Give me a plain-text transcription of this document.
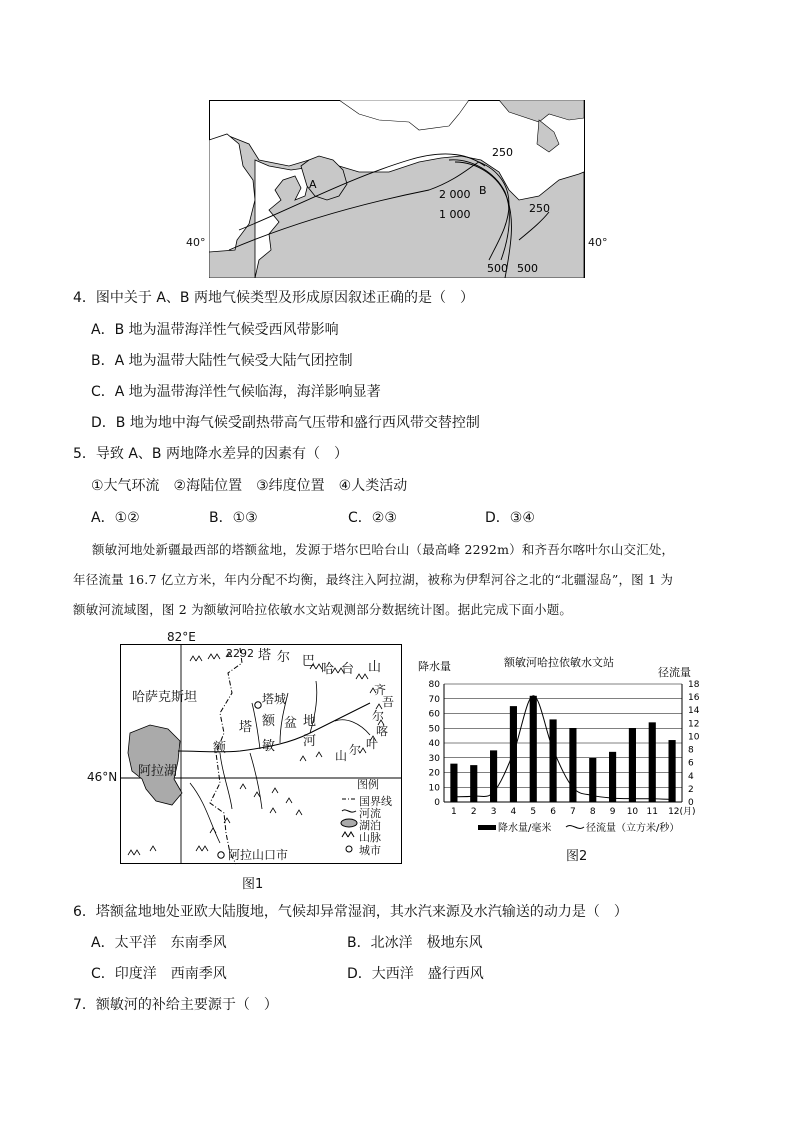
A	B
250
2 000
1 000	250
500 500
40°	40°
4．图中关于 A、B 两地气候类型及形成原因叙述正确的是（　）
A．B 地为温带海洋性气候受西风带影响
B．A 地为温带大陆性气候受大陆气团控制
C．A 地为温带海洋性气候临海，海洋影响显著
D．B 地为地中海气候受副热带高气压带和盛行西风带交替控制
5．导致 A、B 两地降水差异的因素有（　）
①大气环流　②海陆位置　③纬度位置　④人类活动
A．①②	B．①③	C．②③	D．③④
额敏河地处新疆最西部的塔额盆地，发源于塔尔巴哈台山（最高峰 2292m）和齐吾尔喀叶尔山交汇处，
年径流量 16.7 亿立方米，年内分配不均衡，最终注入阿拉湖，被称为伊犁河谷之北的“北疆湿岛”，图 1 为
额敏河流域图，图 2 为额敏河哈拉依敏水文站观测部分数据统计图。据此完成下面小题。
82°E
46°N
2292 塔 尔 巴
哈 台 山
哈萨克斯坦	塔城
塔 额 盆 地
额	敏 河
齐
吾
尔
喀
叶
尔
山
阿拉湖
阿拉山口市
图例
国界线
河流
湖泊
山脉
城市
图1
0
10
20
30
40
50
60
70
80
0
2
4
6
8
10
12
14
16
18
1 2 3 4 5 6 7 8 9 10 11 12(月)
额敏河哈拉依敏水文站
降水量	径流量
降水量/毫米	径流量（立方米/秒）
图2
6．塔额盆地地处亚欧大陆腹地，气候却异常湿润，其水汽来源及水汽输送的动力是（　）
A．太平洋　东南季风	B．北冰洋　极地东风
C．印度洋　西南季风	D．大西洋　盛行西风
7．额敏河的补给主要源于（　）
